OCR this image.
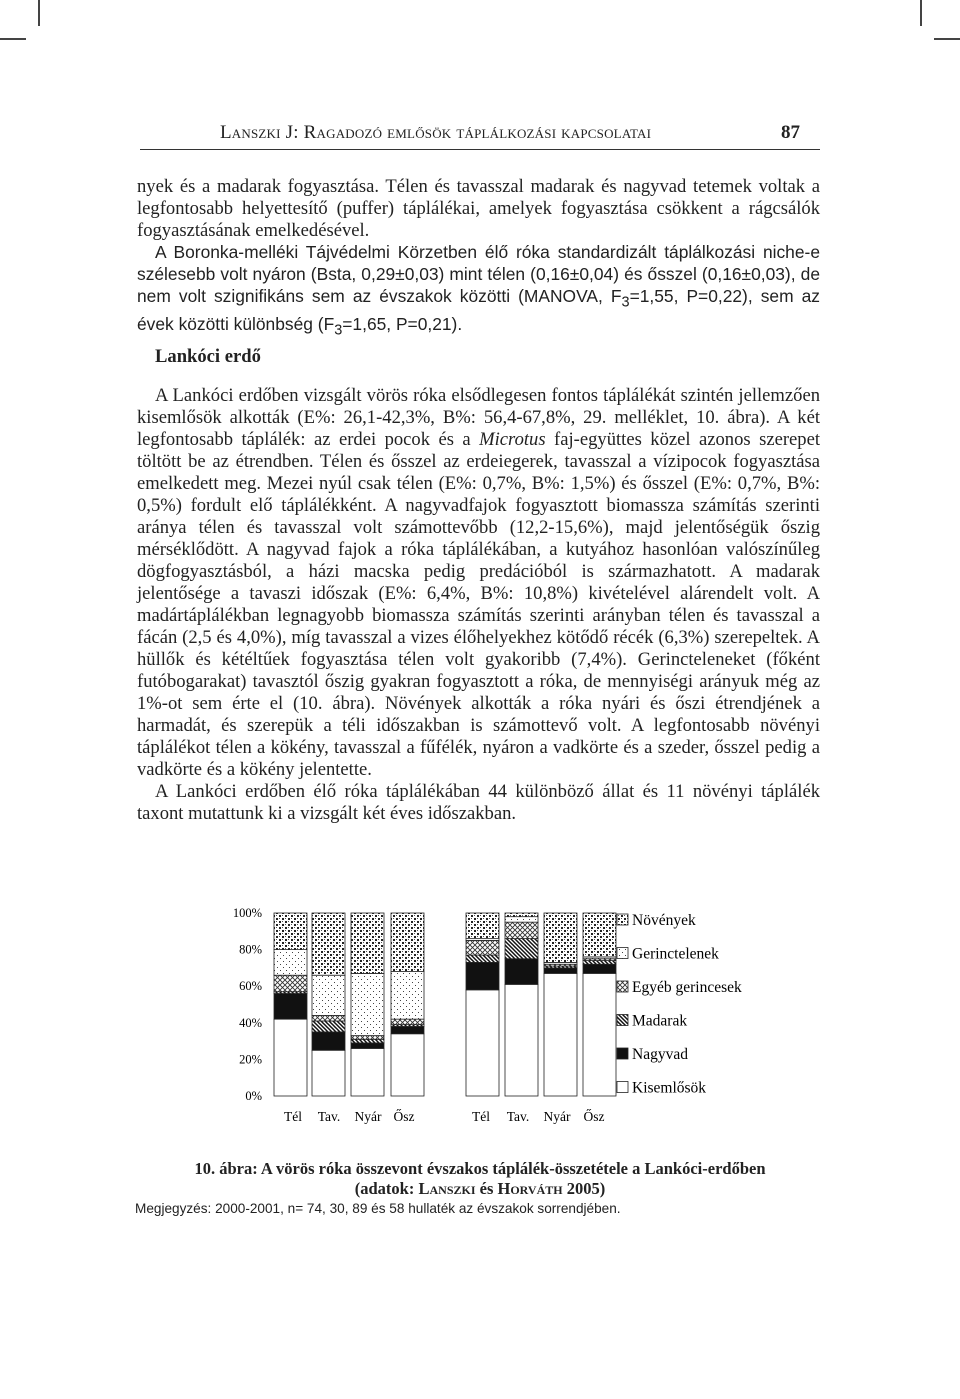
Lanszki J: Ragadozó emlősök táplálkozási kapcsolatai	87

nyek és a madarak fogyasztása. Télen és tavasszal madarak és nagyvad tetemek voltak a legfontosabb helyettesítő (puffer) táplálékai, amelyek fogyasztása csökkent a rágcsálók fogyasztásának emelkedésével.

A Boronka-melléki Tájvédelmi Körzetben élő róka standardizált táplálkozási niche-e szélesebb volt nyáron (Bsta, 0,29±0,03) mint télen (0,16±0,04) és ősszel (0,16±0,03), de nem volt szignifikáns sem az évszakok közötti (MANOVA, $F_3=1,55$, P=0,22), sem az évek közötti különbség ($F_3=1,65$, P=0,21).
Lankóci erdő

A Lankóci erdőben vizsgált vörös róka elsődlegesen fontos táplálékát szintén jellemzően kisemlősök alkották (E%: 26,1-42,3%, B%: 56,4-67,8%, 29. melléklet, 10. ábra). A két legfontosabb táplálék: az erdei pocok és a Microtus faj-együttes közel azonos szerepet töltött be az étrendben. Télen és ősszel az erdeiegerek, tavasszal a vízipocok fogyasztása emelkedett meg. Mezei nyúl csak télen (E%: 0,7%, B%: 1,5%) és ősszel (E%: 0,7%, B%: 0,5%) fordult elő táplálékként. A nagyvadfajok fogyasztott biomassza számítás szerinti aránya télen és tavasszal volt számottevőbb (12,2-15,6%), majd jelentőségük őszig mérséklődött. A nagyvad fajok a róka táplálékában, a kutyához hasonlóan valószínűleg dögfogyasztásból, a házi macska pedig predációból is származhatott. A madarak jelentősége a tavaszi időszak (E%: 6,4%, B%: 10,8%) kivételével alárendelt volt. A madártáplálékban legnagyobb biomassza számítás szerinti arányban télen és tavasszal a fácán (2,5 és 4,0%), míg tavasszal a vizes élőhelyekhez kötődő récék (6,3%) szerepeltek. A hüllők és kétéltűek fogyasztása télen volt gyakoribb (7,4%). Gerincteleneket (főként futóbogarakat) tavasztól őszig gyakran fogyasztott a róka, de mennyiségi arányuk még az 1%-ot sem érte el (10. ábra). Növények alkották a róka nyári és őszi étrendjének a harmadát, és szerepük a téli időszakban is számottevő volt. A legfontosabb növényi táplálékot télen a kökény, tavasszal a fűfélék, nyáron a vadkörte és a szeder, ősszel pedig a vadkörte és a kökény jelentette.

A Lankóci erdőben élő róka táplálékában 44 különböző állat és 11 növényi táplálék taxont mutattunk ki a vizsgált két éves időszakban.

0%
20%
40%
60%
80%
100%
Tél Tav. Nyár Ősz	Tél Tav. Nyár Ősz
Növények
Gerinctelenek
Egyéb gerincesek
Madarak
Nagyvad
Kisemlősök
10. ábra: A vörös róka összevont évszakos táplálék-összetétele a Lankóci-erdőben
(adatok: Lanszki és Horváth 2005)

Megjegyzés: 2000-2001, n= 74, 30, 89 és 58 hullaték az évszakok sorrendjében.
